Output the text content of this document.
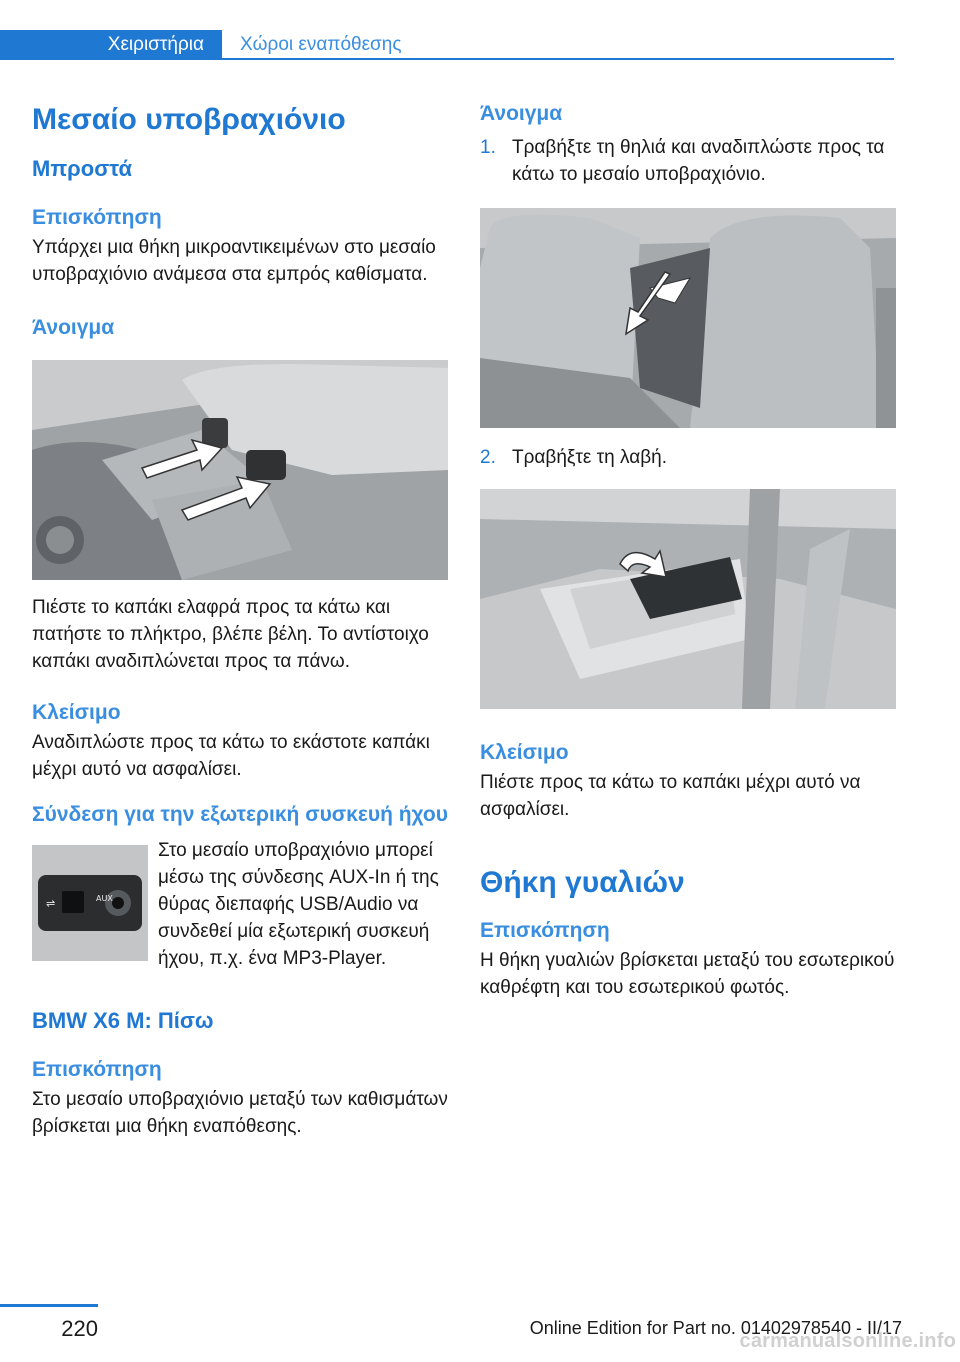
Χειριστήρια	Χώροι εναπόθεσης
Μεσαίο υποβραχιόνιο
Μπροστά
Επισκόπηση

Υπάρχει μια θήκη μικροαντικειμένων στο μεσαίο υποβραχιόνιο ανάμεσα στα εμπρός καθίσματα.

Άνοιγμα

Πιέστε το καπάκι ελαφρά προς τα κάτω και πατήστε το πλήκτρο, βλέπε βέλη. Το αντίστοιχο καπάκι αναδιπλώνεται προς τα πάνω.

Κλείσιμο

Αναδιπλώστε προς τα κάτω το εκάστοτε καπάκι μέχρι αυτό να ασφαλίσει.

Σύνδεση για την εξωτερική συσκευή ήχου
⇌	AUX

Στο μεσαίο υποβραχιόνιο μπορεί μέσω της σύνδεσης AUX-In ή της θύρας διεπαφής USB/Audio να συνδεθεί μία εξωτερική συσκευή ήχου, π.χ. ένα MP3-Player.

BMW X6 M: Πίσω
Επισκόπηση

Στο μεσαίο υποβραχιόνιο μεταξύ των καθισμάτων βρίσκεται μια θήκη εναπόθεσης.

Άνοιγμα
1. Τραβήξτε τη θηλιά και αναδιπλώστε προς τα κάτω το μεσαίο υποβραχιόνιο.
2. Τραβήξτε τη λαβή.
Κλείσιμο

Πιέστε προς τα κάτω το καπάκι μέχρι αυτό να ασφαλίσει.

Θήκη γυαλιών
Επισκόπηση

Η θήκη γυαλιών βρίσκεται μεταξύ του εσωτερικού καθρέφτη και του εσωτερικού φωτός.

220	Online Edition for Part no. 01402978540 - II/17
carmanualsonline.info
